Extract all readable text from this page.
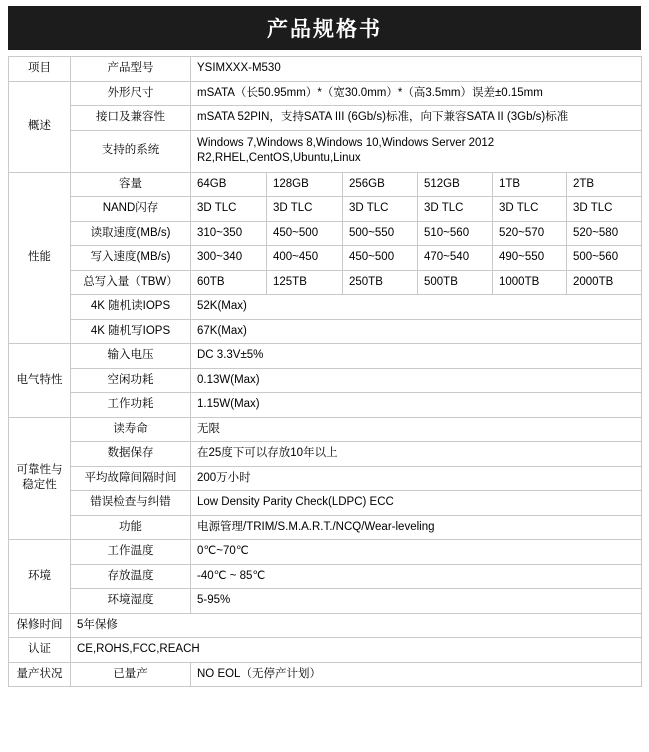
产品规格书
项目	产品型号	YSIMXXX-M530					
概述	外形尺寸	mSATA（长50.95mm）*（宽30.0mm）*（高3.5mm）误差±0.15mm					
	接口及兼容性	mSATA 52PIN，支持SATA III (6Gb/s)标准，向下兼容SATA II (3Gb/s)标准					
	支持的系统	Windows 7,Windows 8,Windows 10,Windows Server 2012 R2,RHEL,CentOS,Ubuntu,Linux					
性能	容量	64GB	128GB	256GB	512GB	1TB	2TB
	NAND闪存	3D TLC	3D TLC	3D TLC	3D TLC	3D TLC	3D TLC
	读取速度(MB/s)	310~350	450~500	500~550	510~560	520~570	520~580
	写入速度(MB/s)	300~340	400~450	450~500	470~540	490~550	500~560
	总写入量（TBW）	60TB	125TB	250TB	500TB	1000TB	2000TB
	4K 随机读IOPS	52K(Max)					
	4K 随机写IOPS	67K(Max)					
电气特性	输入电压	DC 3.3V±5%					
	空闲功耗	0.13W(Max)					
	工作功耗	1.15W(Max)					
可靠性与稳定性	读寿命	无限					
	数据保存	在25度下可以存放10年以上					
	平均故障间隔时间	200万小时					
	错误检查与纠错	Low Density Parity Check(LDPC) ECC					
	功能	电源管理/TRIM/S.M.A.R.T./NCQ/Wear-leveling					
环境	工作温度	0℃~70℃					
	存放温度	-40℃ ~ 85℃					
	环境湿度	5-95%					
保修时间	5年保修						
认证	CE,ROHS,FCC,REACH						
量产状况	已量产	NO EOL（无停产计划）					
